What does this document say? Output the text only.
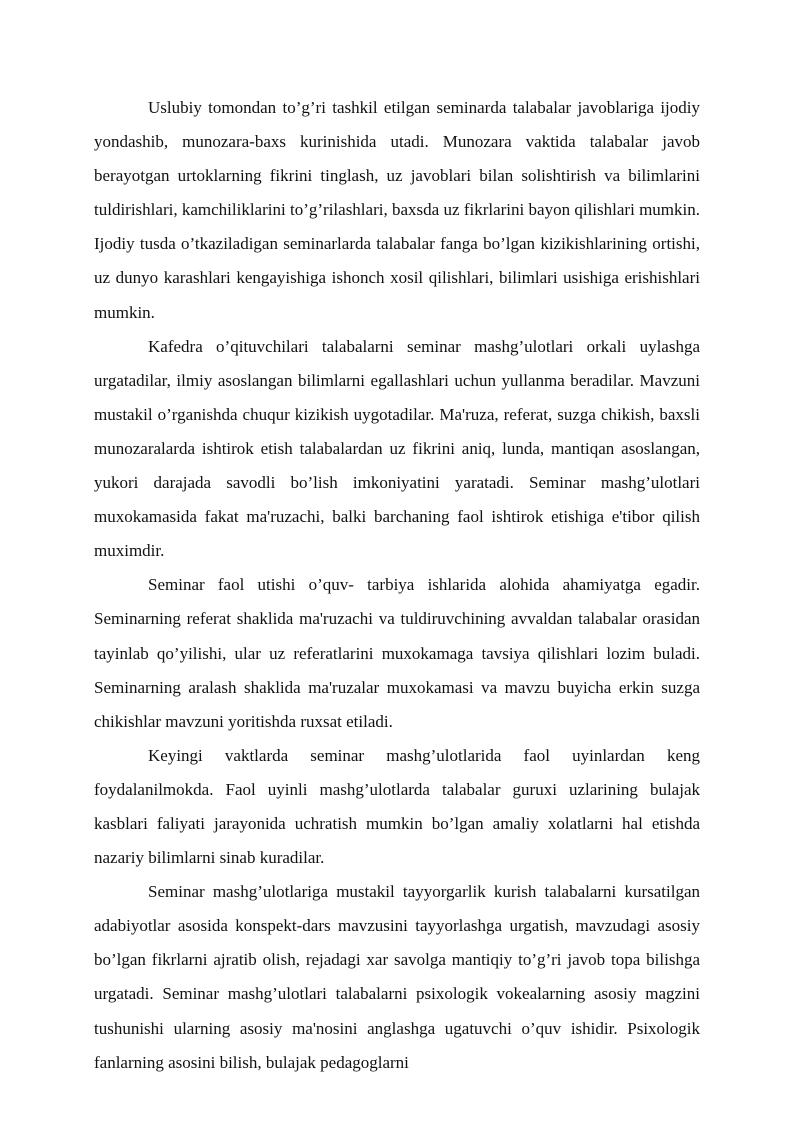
Uslubiy tomondan to’g’ri tashkil etilgan seminarda talabalar javoblariga ijodiy yondashib, munozara-baxs kurinishida utadi. Munozara vaktida talabalar javob berayotgan urtoklarning fikrini tinglash, uz javoblari bilan solishtirish va bilimlarini tuldirishlari, kamchiliklarini to’g’rilashlari, baxsda uz fikrlarini bayon qilishlari mumkin. Ijodiy tusda o’tkaziladigan seminarlarda talabalar fanga bo’lgan kizikishlarining ortishi, uz dunyo karashlari kengayishiga ishonch xosil qilishlari, bilimlari usishiga erishishlari mumkin.

Kafedra o’qituvchilari talabalarni seminar mashg’ulotlari orkali uylashga urgatadilar, ilmiy asoslangan bilimlarni egallashlari uchun yullanma beradilar. Mavzuni mustakil o’rganishda chuqur kizikish uygotadilar. Ma'ruza, referat, suzga chikish, baxsli munozaralarda ishtirok etish talabalardan uz fikrini aniq, lunda, mantiqan asoslangan, yukori darajada savodli bo’lish imkoniyatini yaratadi. Seminar mashg’ulotlari muxokamasida fakat ma'ruzachi, balki barchaning faol ishtirok etishiga e'tibor qilish muximdir.

Seminar faol utishi o’quv- tarbiya ishlarida alohida ahamiyatga egadir. Seminarning referat shaklida ma'ruzachi va tuldiruvchining avvaldan talabalar orasidan tayinlab qo’yilishi, ular uz referatlarini muxokamaga tavsiya qilishlari lozim buladi. Seminarning aralash shaklida ma'ruzalar muxokamasi va mavzu buyicha erkin suzga chikishlar mavzuni yoritishda ruxsat etiladi.

Keyingi vaktlarda seminar mashg’ulotlarida faol uyinlardan keng foydalanilmokda. Faol uyinli mashg’ulotlarda talabalar guruxi uzlarining bulajak kasblari faliyati jarayonida uchratish mumkin bo’lgan amaliy xolatlarni hal etishda nazariy bilimlarni sinab kuradilar.

Seminar mashg’ulotlariga mustakil tayyorgarlik kurish talabalarni kursatilgan adabiyotlar asosida konspekt-dars mavzusini tayyorlashga urgatish, mavzudagi asosiy bo’lgan fikrlarni ajratib olish, rejadagi xar savolga mantiqiy to’g’ri javob topa bilishga urgatadi. Seminar mashg’ulotlari talabalarni psixologik vokealarning asosiy magzini tushunishi ularning asosiy ma'nosini anglashga ugatuvchi o’quv ishidir. Psixologik fanlarning asosini bilish, bulajak pedagoglarni
